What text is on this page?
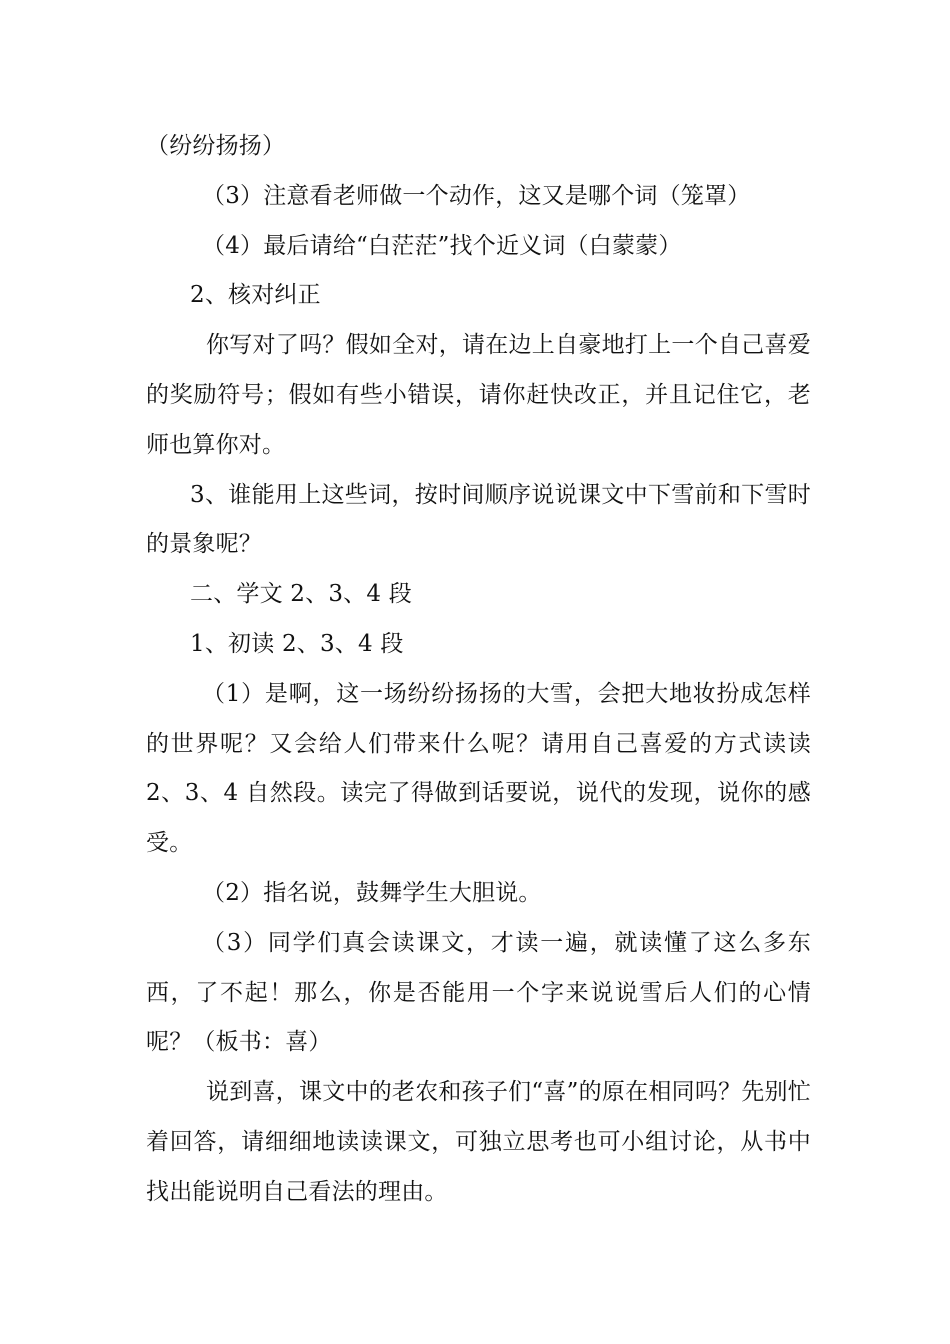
（纷纷扬扬）

（3）注意看老师做一个动作，这又是哪个词（笼罩）

（4）最后请给“白茫茫”找个近义词（白蒙蒙）

2、核对纠正

你写对了吗？假如全对，请在边上自豪地打上一个自己喜爱的奖励符号；假如有些小错误，请你赶快改正，并且记住它，老师也算你对。

3、谁能用上这些词，按时间顺序说说课文中下雪前和下雪时的景象呢？

二、学文 2、3、4 段

1、初读 2、3、4 段

（1）是啊，这一场纷纷扬扬的大雪，会把大地妆扮成怎样的世界呢？又会给人们带来什么呢？请用自己喜爱的方式读读 2、3、4 自然段。读完了得做到话要说，说代的发现，说你的感受。

（2）指名说，鼓舞学生大胆说。

（3）同学们真会读课文，才读一遍，就读懂了这么多东西，了不起！那么，你是否能用一个字来说说雪后人们的心情呢？（板书：喜）

说到喜，课文中的老农和孩子们“喜”的原在相同吗？先别忙着回答，请细细地读读课文，可独立思考也可小组讨论，从书中找出能说明自己看法的理由。
